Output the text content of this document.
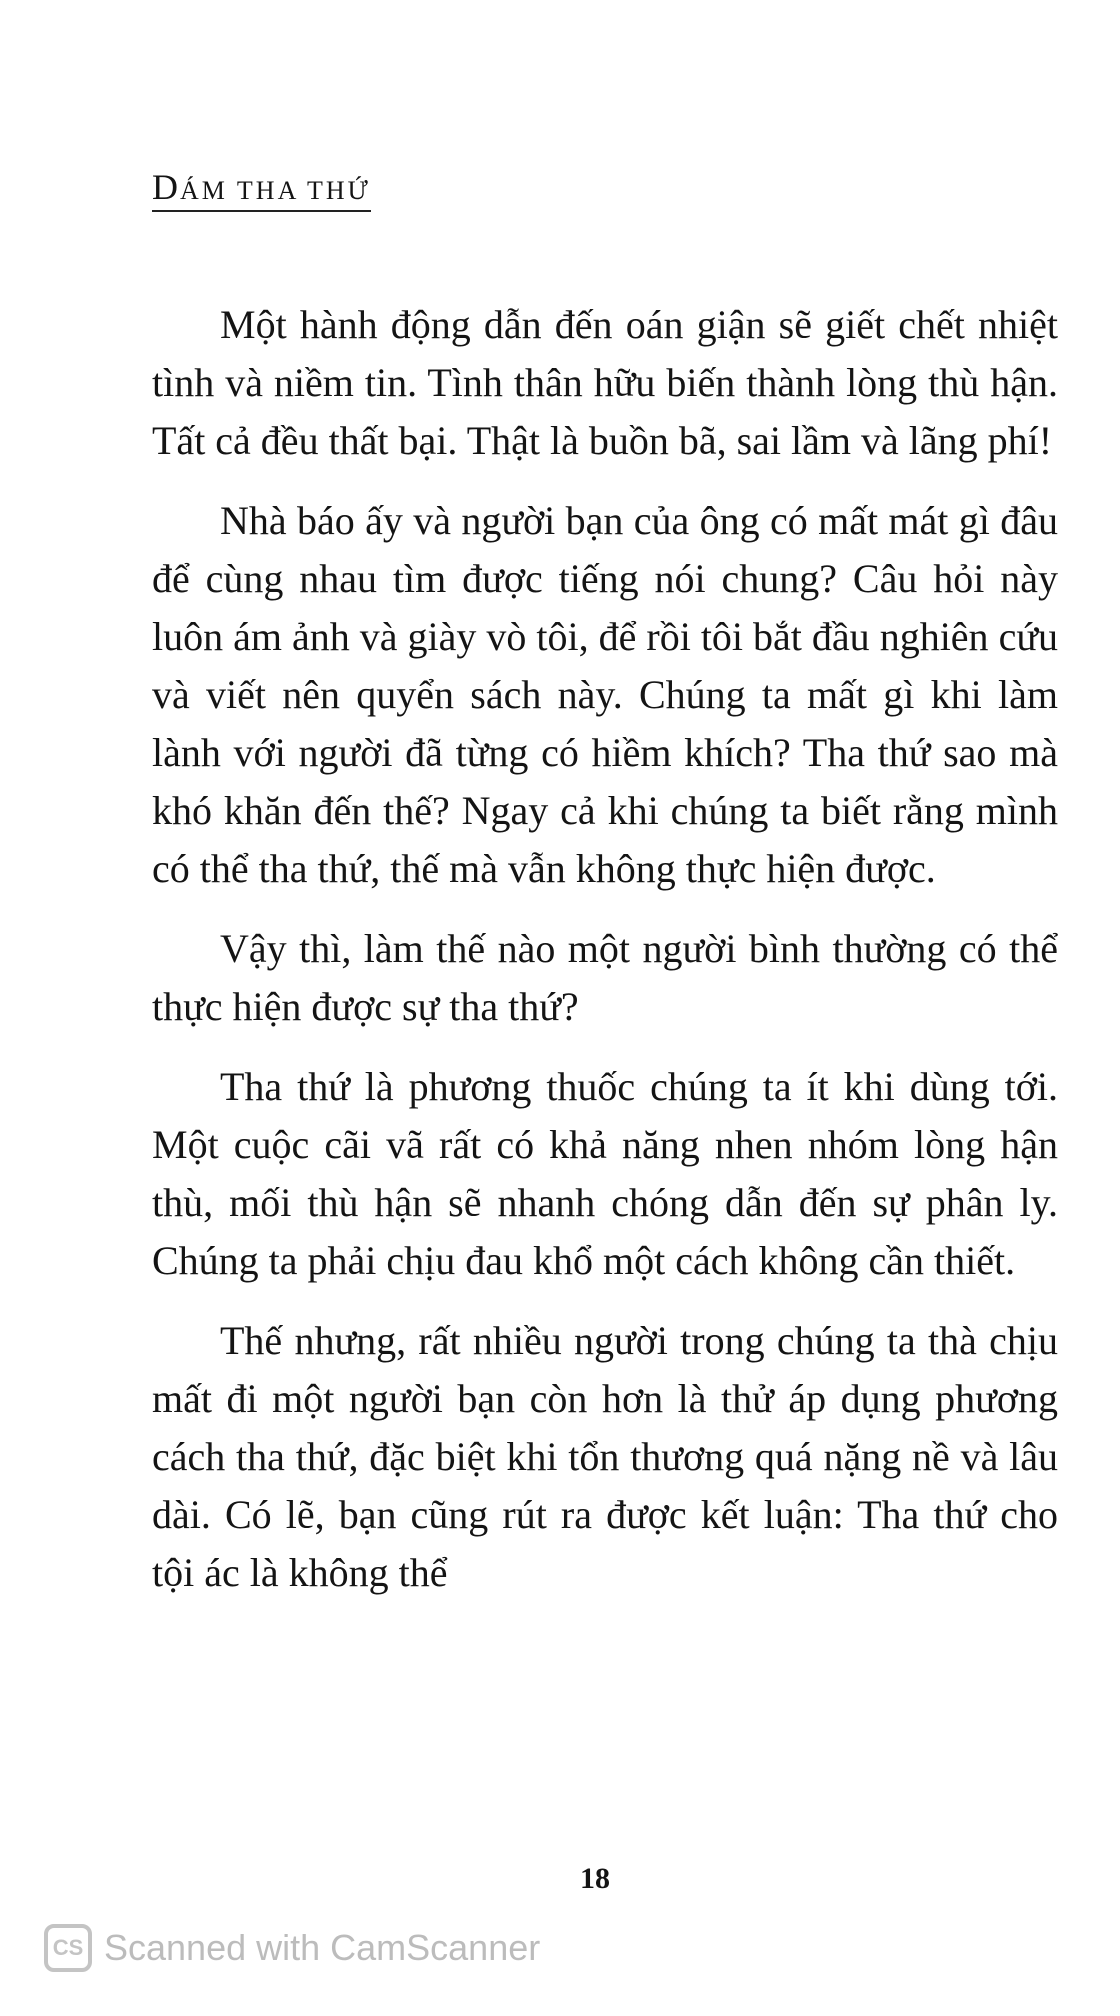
DÁM THA THỨ

Một hành động dẫn đến oán giận sẽ giết chết nhiệt tình và niềm tin. Tình thân hữu biến thành lòng thù hận. Tất cả đều thất bại. Thật là buồn bã, sai lầm và lãng phí!

Nhà báo ấy và người bạn của ông có mất mát gì đâu để cùng nhau tìm được tiếng nói chung? Câu hỏi này luôn ám ảnh và giày vò tôi, để rồi tôi bắt đầu nghiên cứu và viết nên quyển sách này. Chúng ta mất gì khi làm lành với người đã từng có hiềm khích? Tha thứ sao mà khó khăn đến thế? Ngay cả khi chúng ta biết rằng mình có thể tha thứ, thế mà vẫn không thực hiện được.

Vậy thì, làm thế nào một người bình thường có thể thực hiện được sự tha thứ?

Tha thứ là phương thuốc chúng ta ít khi dùng tới. Một cuộc cãi vã rất có khả năng nhen nhóm lòng hận thù, mối thù hận sẽ nhanh chóng dẫn đến sự phân ly. Chúng ta phải chịu đau khổ một cách không cần thiết.

Thế nhưng, rất nhiều người trong chúng ta thà chịu mất đi một người bạn còn hơn là thử áp dụng phương cách tha thứ, đặc biệt khi tổn thương quá nặng nề và lâu dài. Có lẽ, bạn cũng rút ra được kết luận: Tha thứ cho tội ác là không thể

18
CS Scanned with CamScanner
